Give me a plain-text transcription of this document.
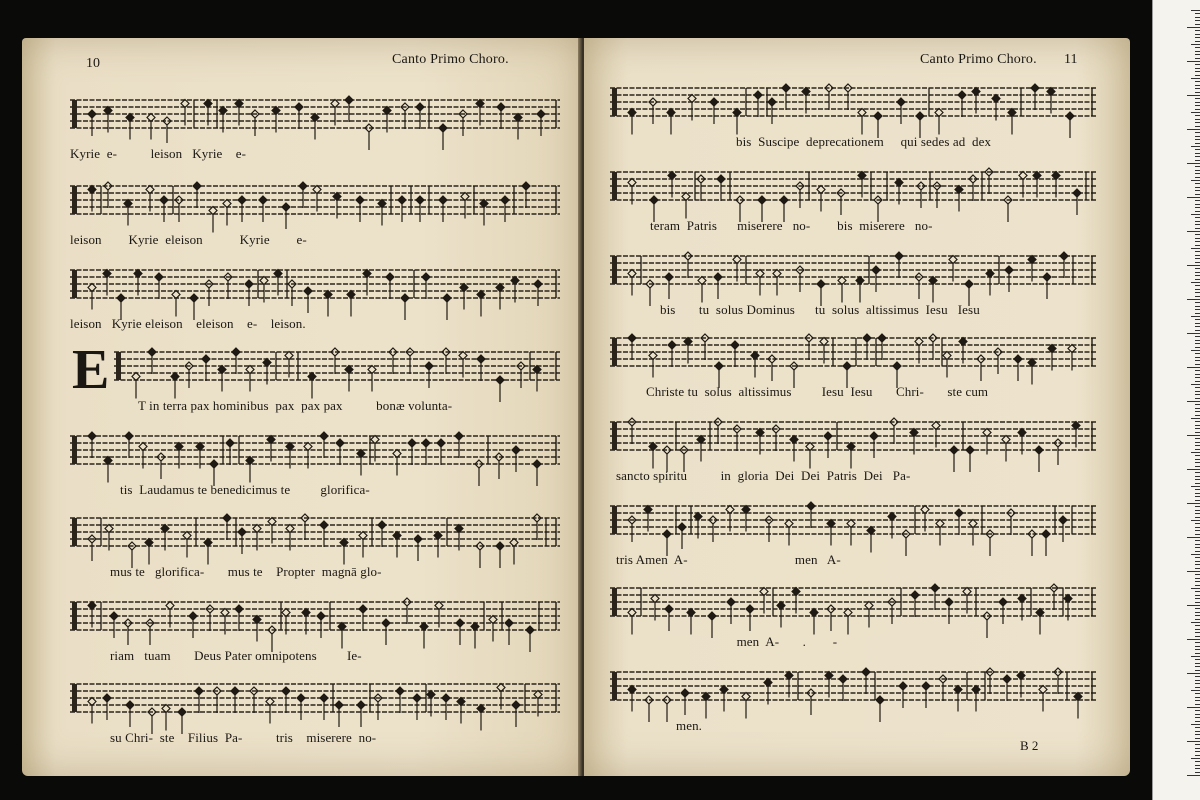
10	Canto Primo Choro.
E
Kyrie  e-          leison   Kyrie    e-
leison        Kyrie  eleison           Kyrie        e-
leison   Kyrie eleison    eleison    e-    leison.
T in terra pax hominibus  pax  pax pax          bonæ volunta-
tis  Laudamus te benedicimus te         glorifica-
mus te   glorifica-       mus te    Propter  magnā glo-
riam   tuam       Deus Pater omnipotens         Ie-
su Chri-  ste    Filius  Pa-          tris    miserere  no-
Canto Primo Choro. 11
bis  Suscipe  deprecationem     qui sedes ad  dex
teram  Patris      miserere   no-        bis  miserere   no-
bis       tu  solus Dominus      tu  solus  altissimus  Iesu   Iesu
Christe tu  solus  altissimus         Iesu  Iesu       Chri-       ste cum
sancto spiritu          in  gloria  Dei  Dei  Patris  Dei   Pa-
tris Amen  A-                                men   A-
men  A-       .        -
men.
B 2
